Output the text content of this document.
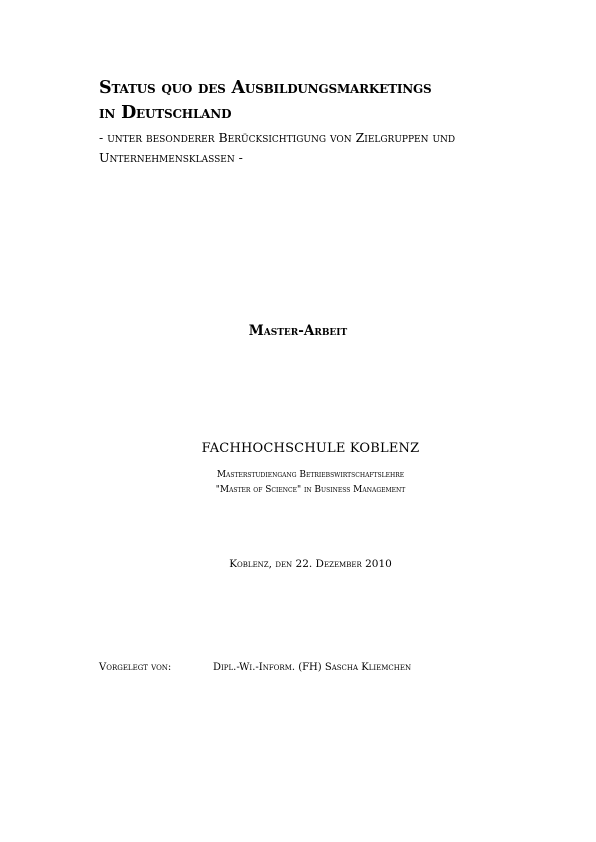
Status quo des Ausbildungsmarketings
in Deutschland

- unter besonderer Berücksichtigung von Zielgruppen und
Unternehmensklassen -

Master-Arbeit
FACHHOCHSCHULE KOBLENZ
Masterstudiengang Betriebswirtschaftslehre
"Master of Science" in Business Management
Koblenz, den 22. Dezember 2010
Vorgelegt von:	Dipl.-Wi.-Inform. (FH) Sascha Kliemchen
